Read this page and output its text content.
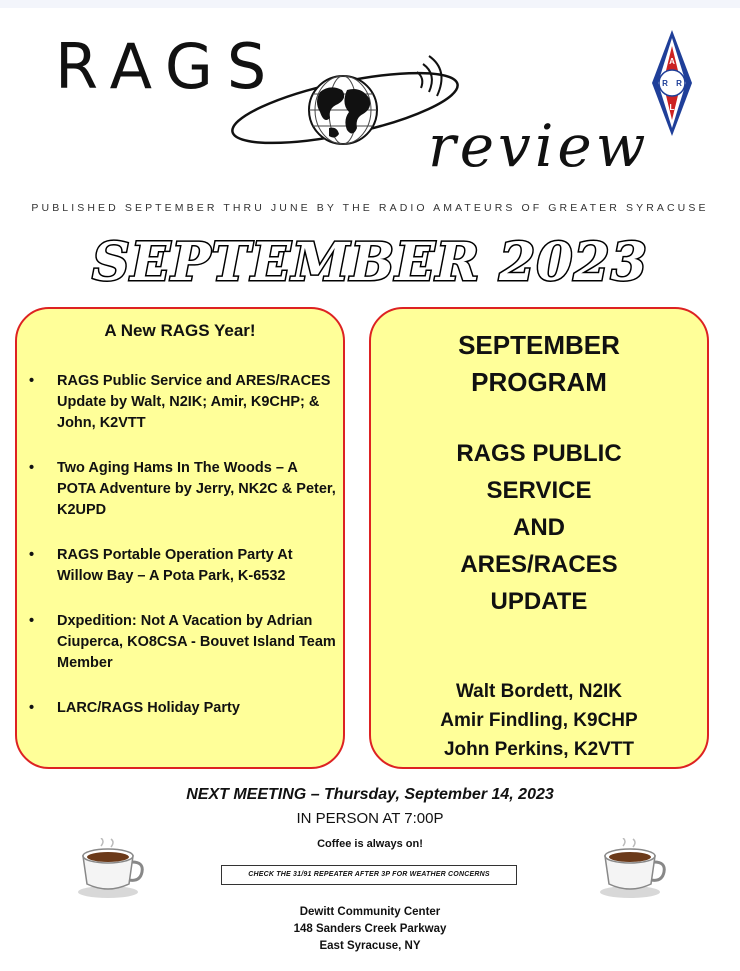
RAGS
review
A
R R
L
PUBLISHED SEPTEMBER THRU JUNE BY THE RADIO AMATEURS OF GREATER SYRACUSE
SEPTEMBER 2023
A New RAGS Year!
• RAGS Public Service and ARES/RACES Update by Walt, N2IK; Amir, K9CHP; & John, K2VTT
• Two Aging Hams In The Woods – A POTA Adventure by Jerry, NK2C & Peter, K2UPD
• RAGS Portable Operation Party At Willow Bay – A Pota Park, K-6532
• Dxpedition: Not A Vacation by Adrian Ciuperca, KO8CSA - Bouvet Island Team Member
• LARC/RAGS Holiday Party
SEPTEMBER
PROGRAM
RAGS PUBLIC
SERVICE
AND
ARES/RACES
UPDATE
Walt Bordett, N2IK
Amir Findling, K9CHP
John Perkins, K2VTT
NEXT MEETING – Thursday, September 14, 2023
IN PERSON AT 7:00P
Coffee is always on!
CHECK THE 31/91 REPEATER AFTER 3P FOR WEATHER CONCERNS
Dewitt Community Center
148 Sanders Creek Parkway
East Syracuse, NY
